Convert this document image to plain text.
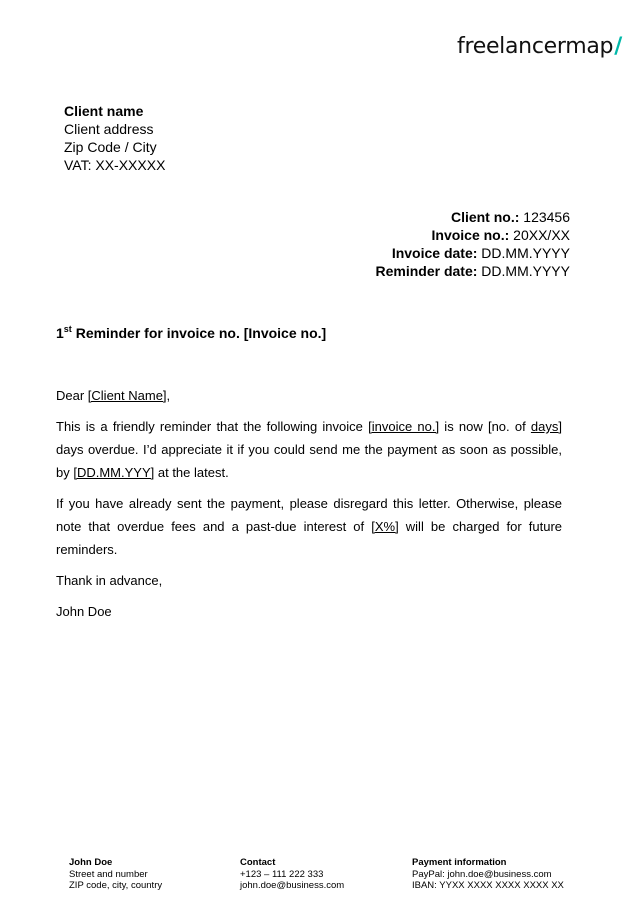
freelancermap/
Client name
Client address
Zip Code / City
VAT: XX-XXXXX
Client no.: 123456
Invoice no.: 20XX/XX
Invoice date: DD.MM.YYYY
Reminder date: DD.MM.YYYY
1st Reminder for invoice no. [Invoice no.]

Dear [Client Name],

This is a friendly reminder that the following invoice [invoice no.] is now [no. of days] days overdue. I’d appreciate it if you could send me the payment as soon as possible, by [DD.MM.YYY] at the latest.

If you have already sent the payment, please disregard this letter. Otherwise, please note that overdue fees and a past-due interest of [X%] will be charged for future reminders.

Thank in advance,

John Doe

John Doe
Street and number
ZIP code, city, country
Contact
+123 – 111 222 333
john.doe@business.com
Payment information
PayPal: john.doe@business.com
IBAN: YYXX XXXX XXXX XXXX XX
